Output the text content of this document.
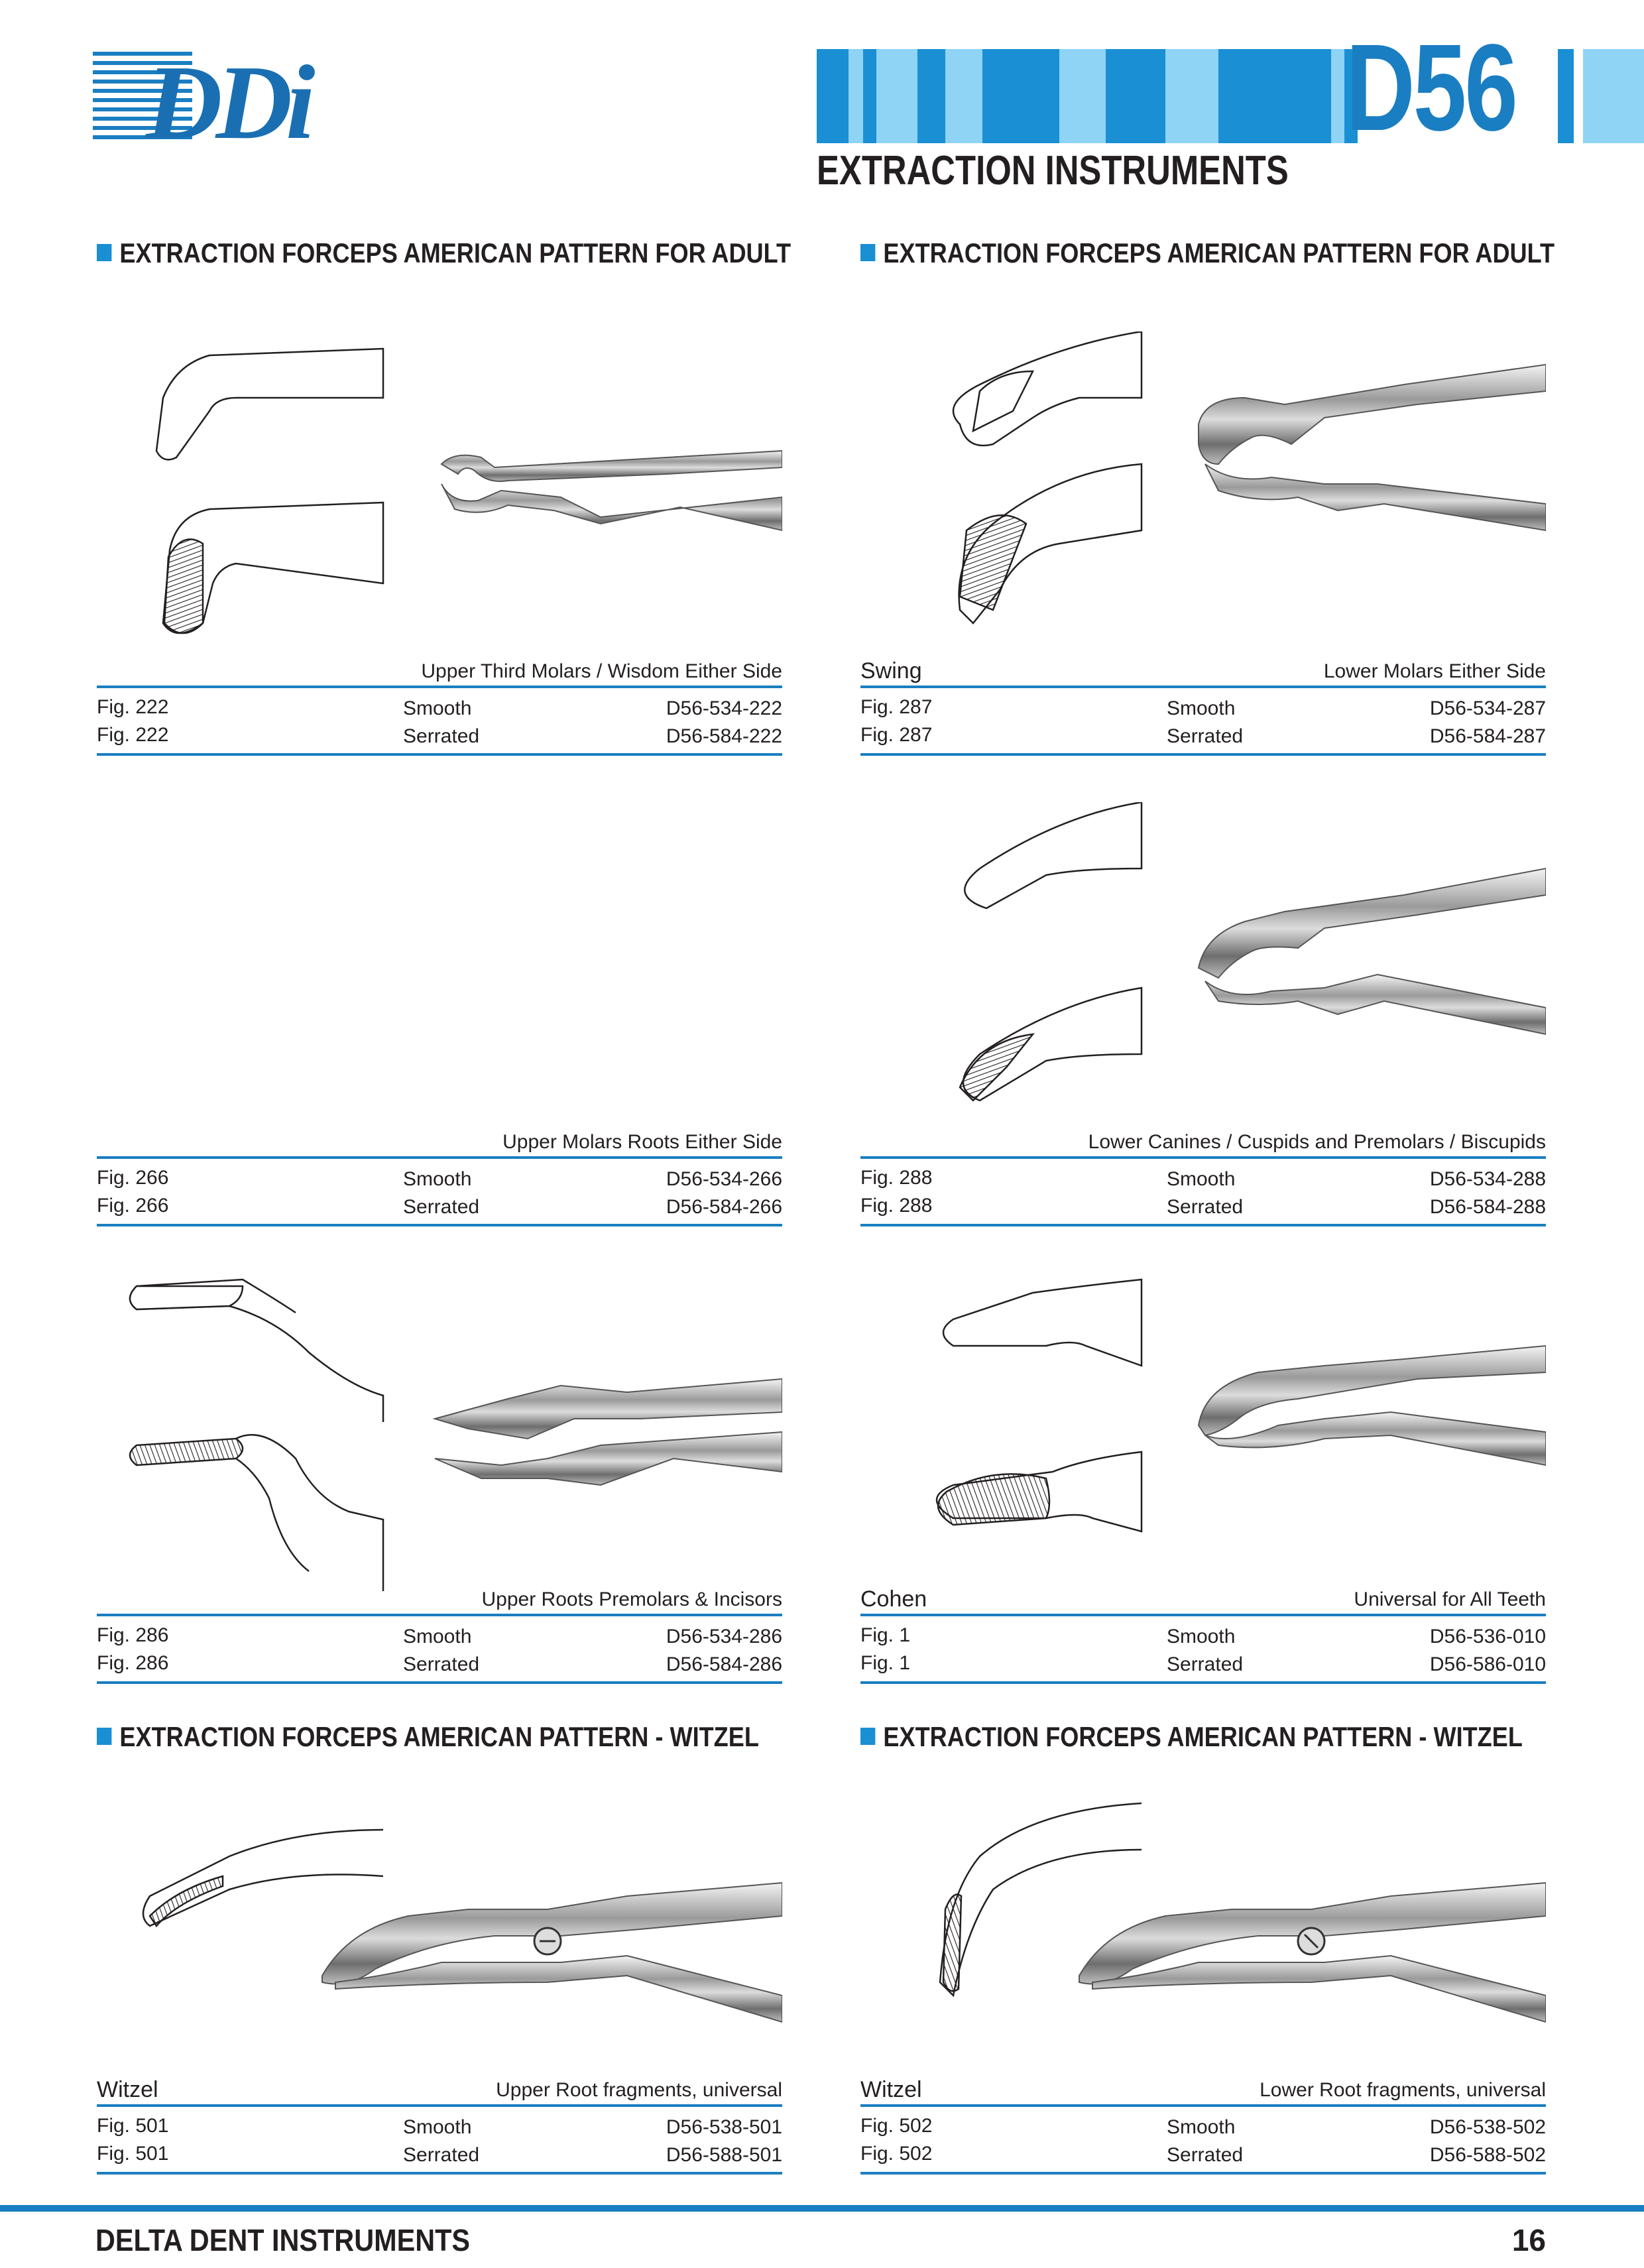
DDi	D56
EXTRACTION INSTRUMENTS
EXTRACTION FORCEPS AMERICAN PATTERN FOR ADULT	EXTRACTION FORCEPS AMERICAN PATTERN FOR ADULT
EXTRACTION FORCEPS AMERICAN PATTERN - WITZEL	EXTRACTION FORCEPS AMERICAN PATTERN - WITZEL
Upper Third Molars / Wisdom Either Side
Fig. 222	Smooth	D56-534-222
Fig. 222	Serrated	D56-584-222
Swing	Lower Molars Either Side
Fig. 287	Smooth	D56-534-287
Fig. 287	Serrated	D56-584-287
Upper Molars Roots Either Side
Fig. 266	Smooth	D56-534-266
Fig. 266	Serrated	D56-584-266
Lower Canines / Cuspids and Premolars / Biscupids
Fig. 288	Smooth	D56-534-288
Fig. 288	Serrated	D56-584-288
Upper Roots Premolars & Incisors
Fig. 286	Smooth	D56-534-286
Fig. 286	Serrated	D56-584-286
Cohen	Universal for All Teeth
Fig. 1	Smooth	D56-536-010
Fig. 1	Serrated	D56-586-010
Witzel	Upper Root fragments, universal
Fig. 501	Smooth	D56-538-501
Fig. 501	Serrated	D56-588-501
Witzel	Lower Root fragments, universal
Fig. 502	Smooth	D56-538-502
Fig. 502	Serrated	D56-588-502
DELTA DENT INSTRUMENTS	16
